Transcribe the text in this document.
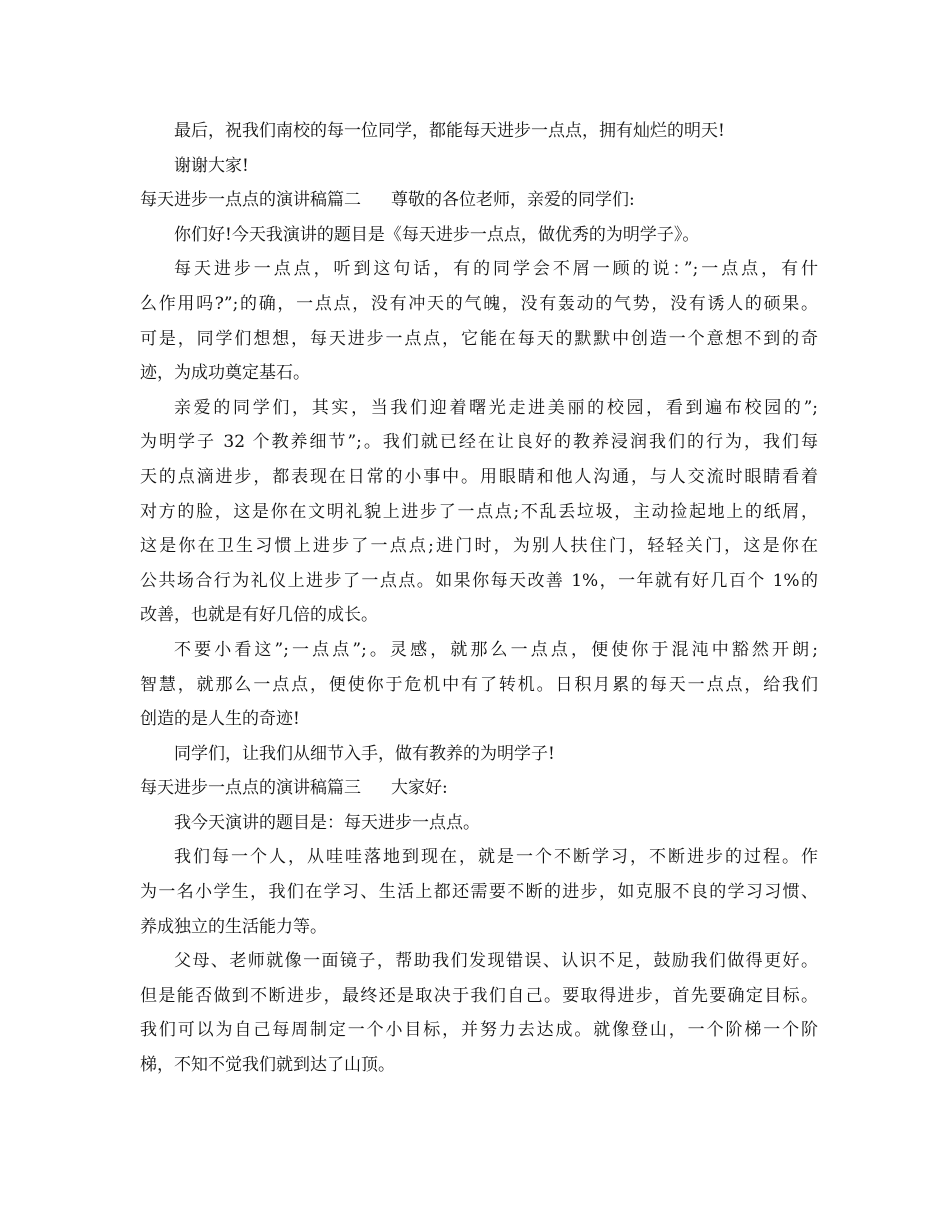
最后，祝我们南校的每一位同学，都能每天进步一点点，拥有灿烂的明天!
谢谢大家!
每天进步一点点的演讲稿篇二 尊敬的各位老师，亲爱的同学们:
你们好!今天我演讲的题目是《每天进步一点点，做优秀的为明学子》。
每天进步一点点，听到这句话，有的同学会不屑一顾的说：”;一点点，有什
么作用吗?”;的确，一点点，没有冲天的气魄，没有轰动的气势，没有诱人的硕果。
可是，同学们想想，每天进步一点点，它能在每天的默默中创造一个意想不到的奇
迹，为成功奠定基石。
亲爱的同学们，其实，当我们迎着曙光走进美丽的校园，看到遍布校园的”;
为明学子 32 个教养细节”;。我们就已经在让良好的教养浸润我们的行为，我们每
天的点滴进步，都表现在日常的小事中。用眼睛和他人沟通，与人交流时眼睛看着
对方的脸，这是你在文明礼貌上进步了一点点;不乱丢垃圾，主动捡起地上的纸屑，
这是你在卫生习惯上进步了一点点;进门时，为别人扶住门，轻轻关门，这是你在
公共场合行为礼仪上进步了一点点。如果你每天改善 1%，一年就有好几百个 1%的
改善，也就是有好几倍的成长。
不要小看这”;一点点”;。灵感，就那么一点点，便使你于混沌中豁然开朗;
智慧，就那么一点点，便使你于危机中有了转机。日积月累的每天一点点，给我们
创造的是人生的奇迹!
同学们，让我们从细节入手，做有教养的为明学子!
每天进步一点点的演讲稿篇三 大家好:
我今天演讲的题目是：每天进步一点点。
我们每一个人，从哇哇落地到现在，就是一个不断学习，不断进步的过程。作
为一名小学生，我们在学习、生活上都还需要不断的进步，如克服不良的学习习惯、
养成独立的生活能力等。
父母、老师就像一面镜子，帮助我们发现错误、认识不足，鼓励我们做得更好。
但是能否做到不断进步，最终还是取决于我们自己。要取得进步，首先要确定目标。
我们可以为自己每周制定一个小目标，并努力去达成。就像登山，一个阶梯一个阶
梯，不知不觉我们就到达了山顶。
